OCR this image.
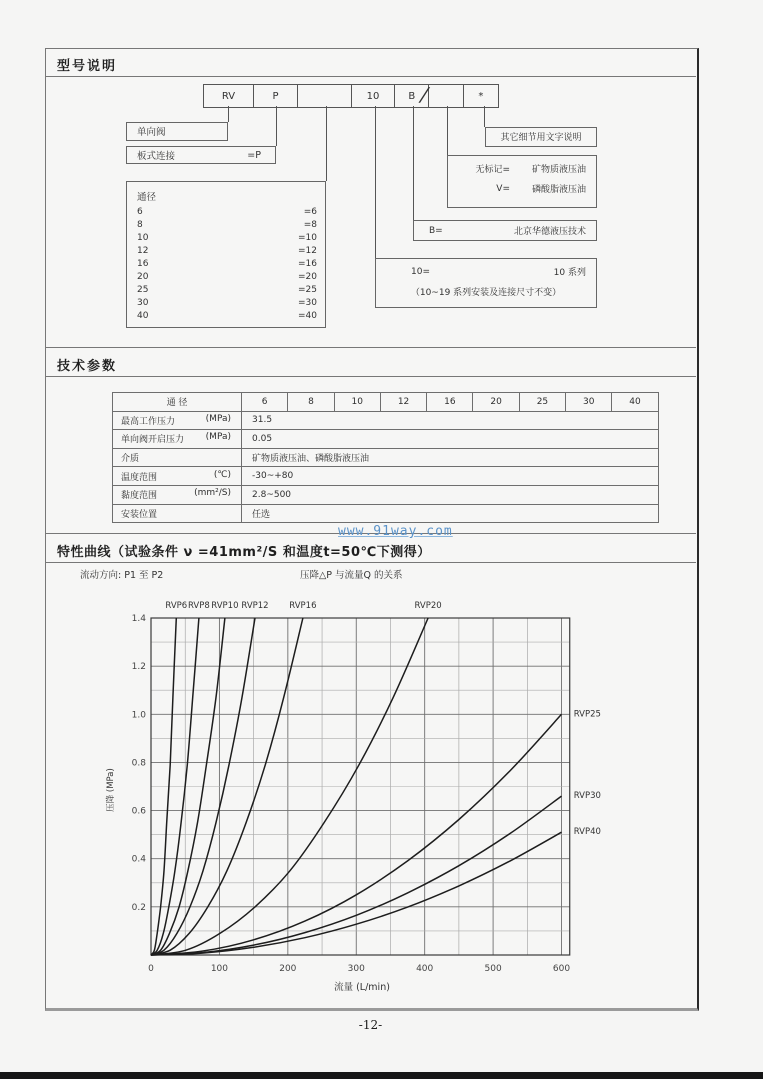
型号说明
RV	P	10	B	*
/
单向阀
板式连接	=P
通径
6	=6
8	=8
10	=10
12	=12
16	=16
20	=20
25	=25
30	=30
40	=40
其它细节用文字说明
无标记= 矿物质液压油
V= 磷酸脂液压油
B=	北京华德液压技术
10=	10 系列
（10~19 系列安装及连接尺寸不变）
技术参数
通 径	6	8	10	12	16	20	25	30	40

最高工作压力 (MPa)	31.5								

单向阀开启压力 (MPa)	0.05								

介质	矿物质液压油、磷酸脂液压油								

温度范围 (℃)	-30~+80								

黏度范围 (mm²/S)	2.8~500								

安装位置	任选								
特性曲线（试验条件 ν =41mm²/S 和温度t=50℃下测得）
www.91way.com
流动方向: P1 至 P2	压降△P 与流量Q 的关系
0	100	200	300	400	500	600
0.2
0.4
0.6
0.8
1.0
1.2
1.4
流量 (L/min)
压降 (MPa)
RVP6 RVP8 RVP10 RVP12 RVP16	RVP20
RVP25
RVP30
RVP40
-12-
